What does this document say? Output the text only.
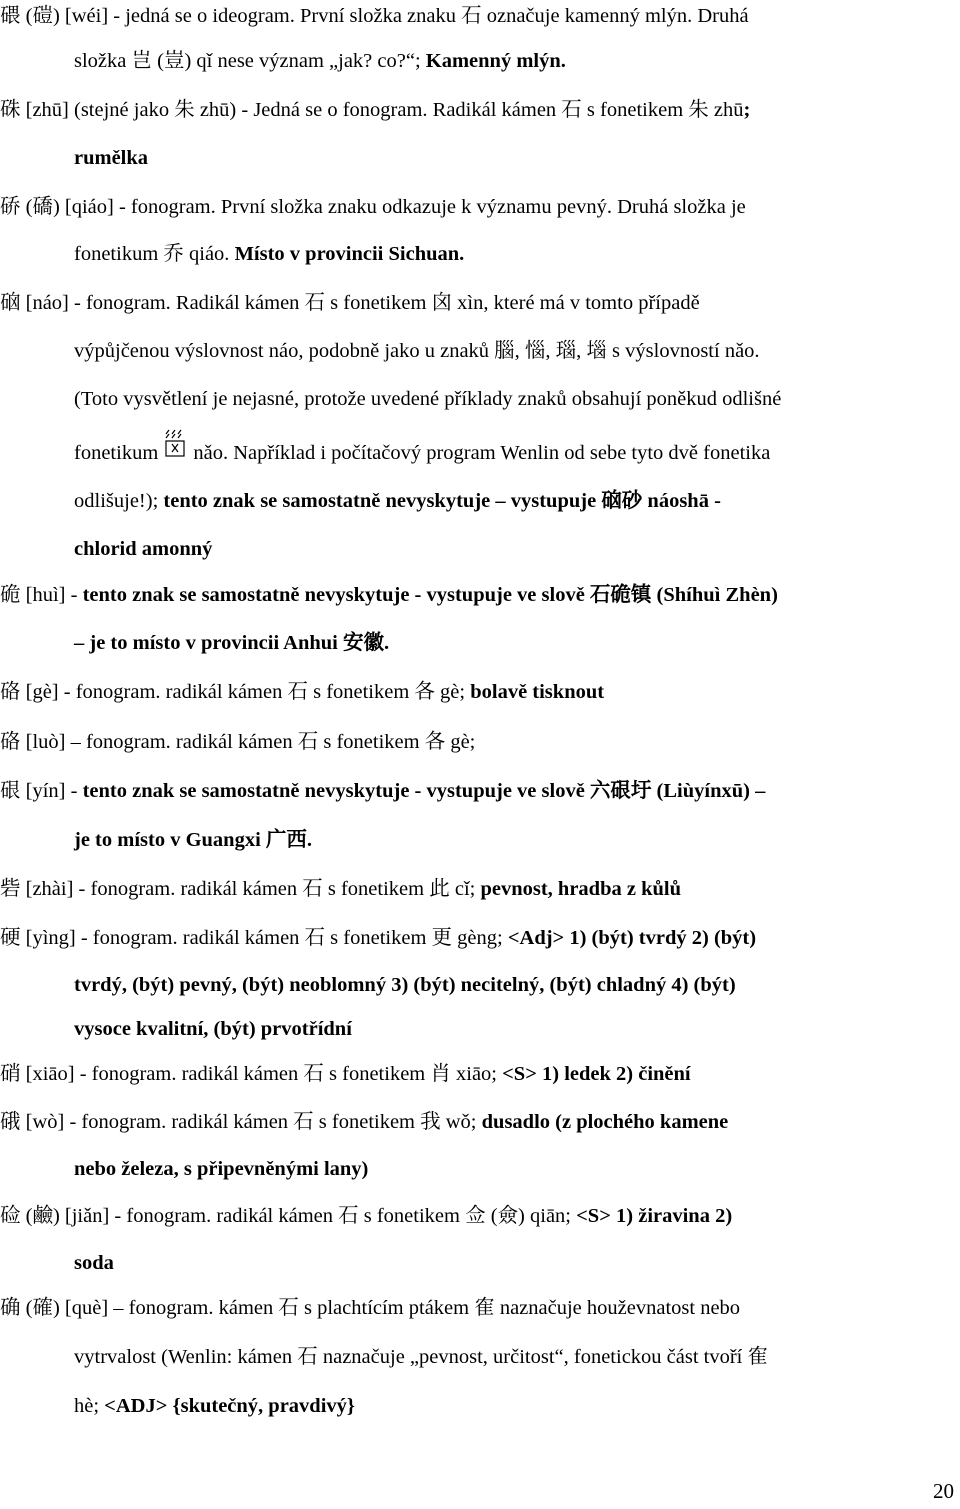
碨 (磑) [wéi] - jedná se o ideogram. První složka znaku 石 označuje kamenný mlýn. Druhá
složka 岂 (豈) qǐ nese význam „jak? co?“; Kamenný mlýn.
硃 [zhū] (stejné jako 朱 zhū) - Jedná se o fonogram. Radikál kámen 石 s fonetikem 朱 zhū;
rumělka
硚 (礄) [qiáo] - fonogram. První složka znaku odkazuje k významu pevný. Druhá složka je
fonetikum 乔 qiáo. Místo v provincii Sichuan.
硇 [náo] - fonogram. Radikál kámen 石 s fonetikem 囟 xìn, které má v tomto případě
výpůjčenou výslovnost náo, podobně jako u znaků 腦, 惱, 瑙, 堖 s výslovností nǎo.
(Toto vysvětlení je nejasné, protože uvedené příklady znaků obsahují poněkud odlišné
fonetikum
nǎo. Například i počítačový program Wenlin od sebe tyto dvě fonetika
odlišuje!); tento znak se samostatně nevyskytuje – vystupuje 硇砂 náoshā -
chlorid amonný
硊 [huì] - tento znak se samostatně nevyskytuje - vystupuje ve slově 石硊镇 (Shíhuì Zhèn)
– je to místo v provincii Anhui 安徽.
硌 [gè] - fonogram. radikál kámen 石 s fonetikem 各 gè; bolavě tisknout
硌 [luò] – fonogram. radikál kámen 石 s fonetikem 各 gè;
硍 [yín] - tento znak se samostatně nevyskytuje - vystupuje ve slově 六硍圩 (Liùyínxū) –
je to místo v Guangxi 广西.
砦 [zhài] - fonogram. radikál kámen 石 s fonetikem 此 cǐ; pevnost, hradba z kůlů
硬 [yìng] - fonogram. radikál kámen 石 s fonetikem 更 gèng; <Adj> 1) (být) tvrdý 2) (být)
tvrdý, (být) pevný, (být) neoblomný 3) (být) necitelný, (být) chladný 4) (být)
vysoce kvalitní, (být) prvotřídní
硝 [xiāo] - fonogram. radikál kámen 石 s fonetikem 肖 xiāo; <S> 1) ledek 2) činění
硪 [wò] - fonogram. radikál kámen 石 s fonetikem 我 wǒ; dusadlo (z plochého kamene
nebo železa, s připevněnými lany)
硷 (鹼) [jiǎn] - fonogram. radikál kámen 石 s fonetikem 佥 (僉) qiān; <S> 1) žiravina 2)
soda
确 (確) [què] – fonogram. kámen 石 s plachtícím ptákem 隺 naznačuje houževnatost nebo
vytrvalost (Wenlin: kámen 石 naznačuje „pevnost, určitost“, fonetickou část tvoří 隺
hè; <ADJ> {skutečný, pravdivý}
20
